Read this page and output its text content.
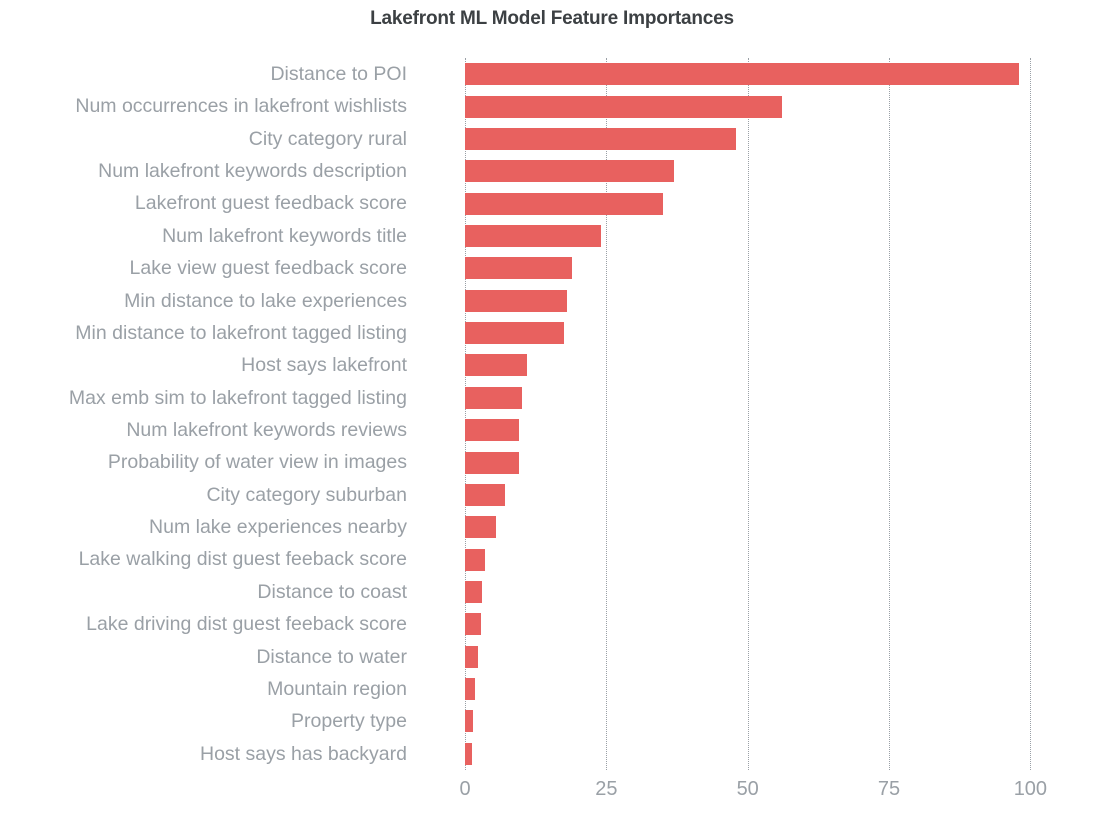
Lakefront ML Model Feature Importances
Distance to POI
Num occurrences in lakefront wishlists
City category rural
Num lakefront keywords description
Lakefront guest feedback score
Num lakefront keywords title
Lake view guest feedback score
Min distance to lake experiences
Min distance to lakefront tagged listing
Host says lakefront
Max emb sim to lakefront tagged listing
Num lakefront keywords reviews
Probability of water view in images
City category suburban
Num lake experiences nearby
Lake walking dist guest feeback score
Distance to coast
Lake driving dist guest feeback score
Distance to water
Mountain region
Property type
Host says has backyard
0	25	50	75	100
